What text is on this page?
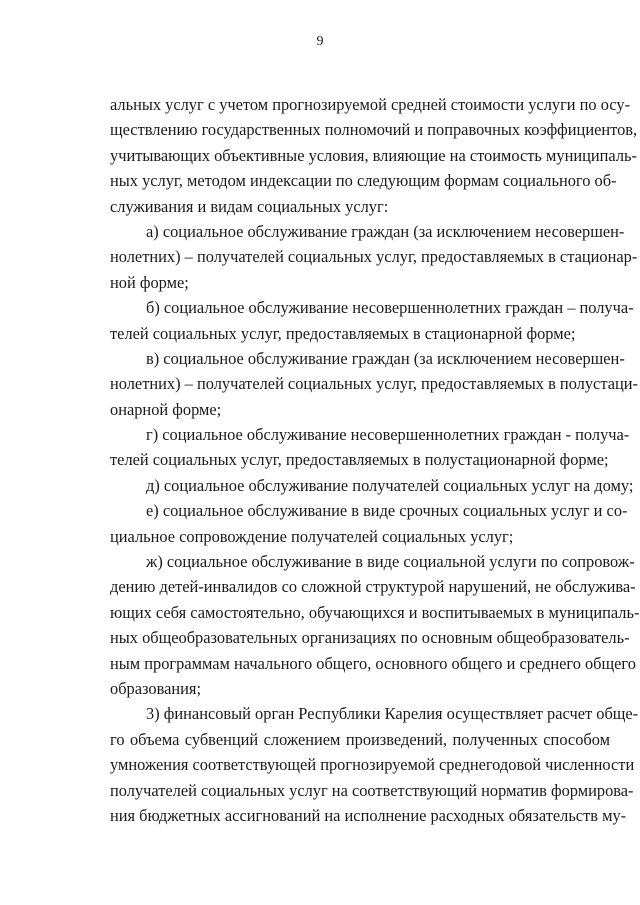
9
альных услуг с учетом прогнозируемой средней стоимости услуги по осу-
ществлению государственных полномочий и поправочных коэффициентов,
учитывающих объективные условия, влияющие на стоимость муниципаль-
ных услуг, методом индексации по следующим формам социального об-
служивания и видам социальных услуг:
а) социальное обслуживание граждан (за исключением несовершен-
нолетних) – получателей социальных услуг, предоставляемых в стационар-
ной форме;
б) социальное обслуживание несовершеннолетних граждан – получа-
телей социальных услуг, предоставляемых в стационарной форме;
в) социальное обслуживание граждан (за исключением несовершен-
нолетних) – получателей социальных услуг, предоставляемых в полустаци-
онарной форме;
г) социальное обслуживание несовершеннолетних граждан - получа-
телей социальных услуг, предоставляемых в полустационарной форме;
д) социальное обслуживание получателей социальных услуг на дому;
е) социальное обслуживание в виде срочных социальных услуг и со-
циальное сопровождение получателей социальных услуг;
ж) социальное обслуживание в виде социальной услуги по сопровож-
дению детей-инвалидов со сложной структурой нарушений, не обслужива-
ющих себя самостоятельно, обучающихся и воспитываемых в муниципаль-
ных общеобразовательных организациях по основным общеобразователь-
ным программам начального общего, основного общего и среднего общего
образования;
3) финансовый орган Республики Карелия осуществляет расчет обще-
го объема субвенций сложением произведений, полученных способом
умножения соответствующей прогнозируемой среднегодовой численности
получателей социальных услуг на соответствующий норматив формирова-
ния бюджетных ассигнований на исполнение расходных обязательств му-
